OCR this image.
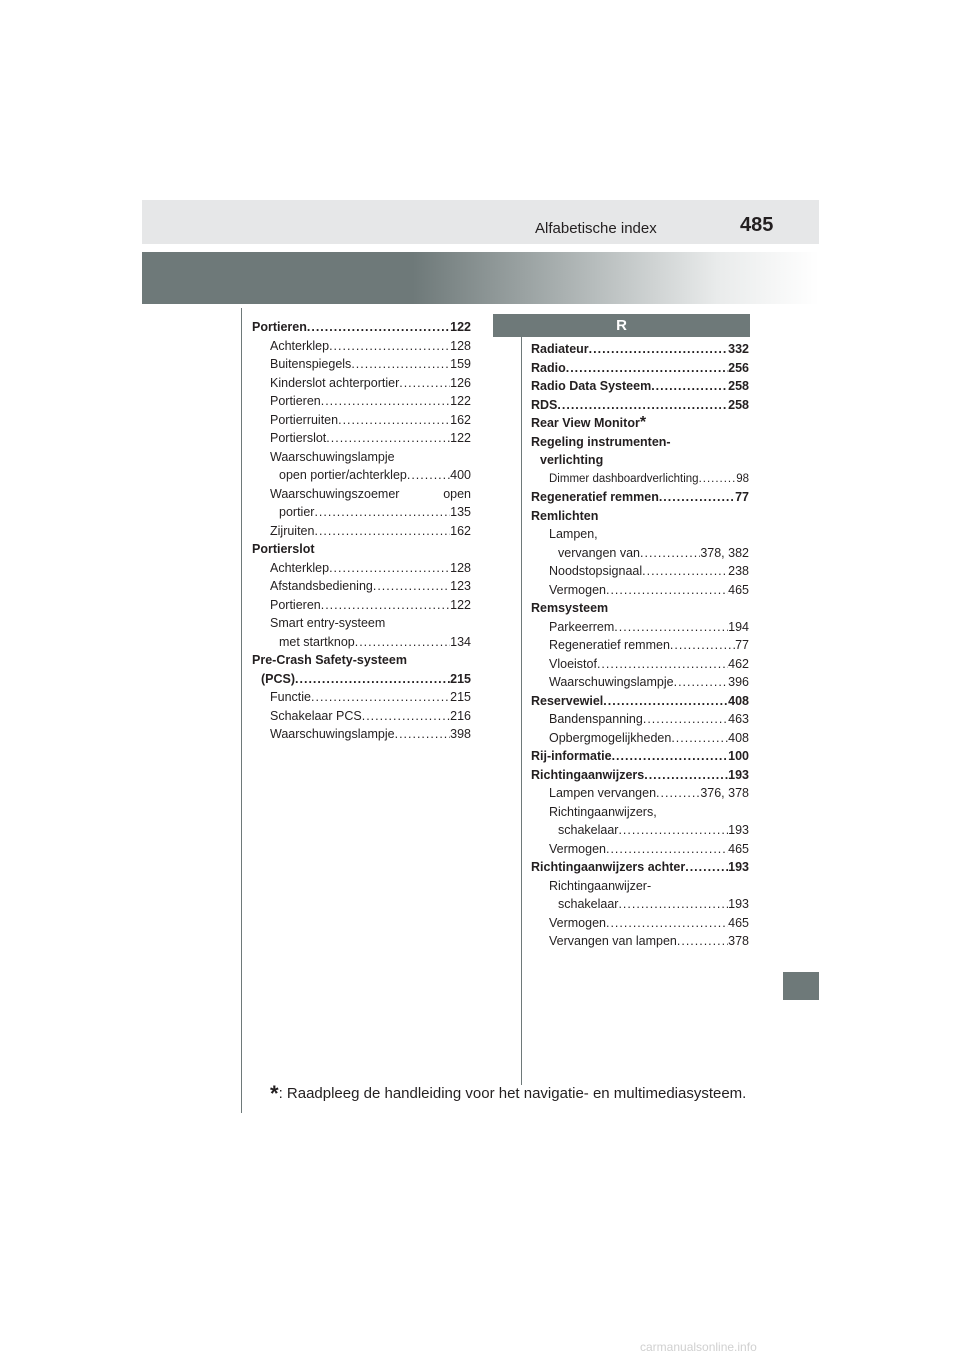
Alfabetische index	485
Portieren .....	122
Achterklep .....	128
Buitenspiegels .....	159
Kinderslot achterportier .....	126
Portieren .....	122
Portierruiten .....	162
Portierslot .....	122
Waarschuwingslampje
open portier/achterklep .....	400
Waarschuwingszoemer	open
portier .....	135
Zijruiten .....	162
Portierslot
Achterklep .....	128
Afstandsbediening .....	123
Portieren .....	122
Smart entry-systeem
met startknop .....	134
Pre-Crash Safety-systeem
(PCS) .....	215
Functie .....	215
Schakelaar PCS .....	216
Waarschuwingslampje .....	398
R
Radiateur .....	332
Radio .....	256
Radio Data Systeem .....	258
RDS .....	258
Rear View Monitor *
Regeling instrumenten-
verlichting
Dimmer dashboardverlichting .....	98
Regeneratief remmen .....	77
Remlichten
Lampen,
vervangen van .....	378, 382
Noodstopsignaal .....	238
Vermogen .....	465
Remsysteem
Parkeerrem .....	194
Regeneratief remmen .....	77
Vloeistof .....	462
Waarschuwingslampje .....	396
Reservewiel .....	408
Bandenspanning .....	463
Opbergmogelijkheden .....	408
Rij-informatie .....	100
Richtingaanwijzers .....	193
Lampen vervangen .....	376, 378
Richtingaanwijzers,
schakelaar .....	193
Vermogen .....	465
Richtingaanwijzers achter .....	193
Richtingaanwijzer-
schakelaar .....	193
Vermogen .....	465
Vervangen van lampen .....	378
*: Raadpleeg de handleiding voor het navigatie- en multimediasysteem.
carmanualsonline.info
